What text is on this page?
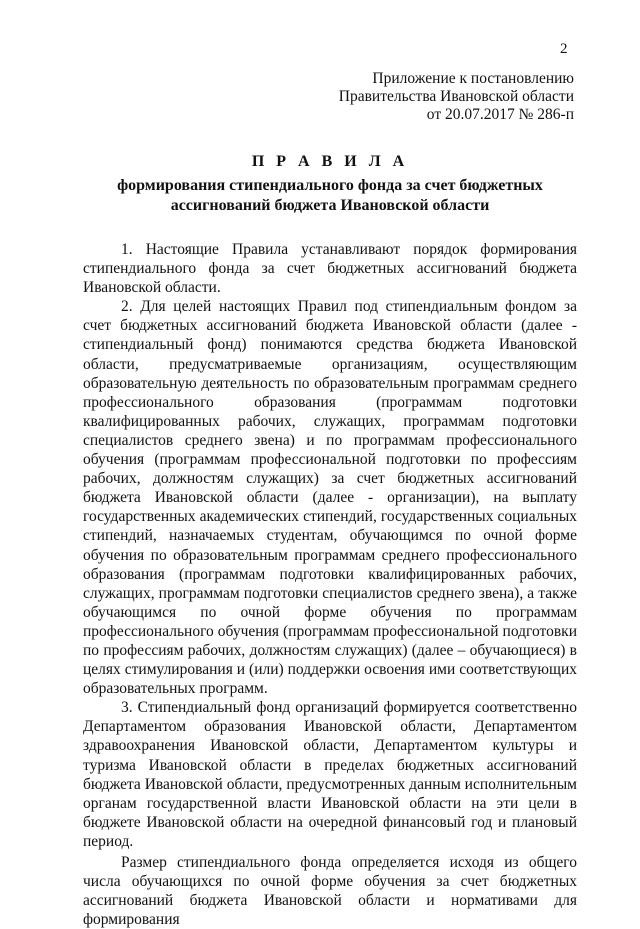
2
Приложение к постановлению
Правительства Ивановской области
от 20.07.2017 № 286-п
П Р А В И Л А
формирования стипендиального фонда за счет бюджетных
ассигнований бюджета Ивановской области

1. Настоящие Правила устанавливают порядок формирования стипендиального фонда за счет бюджетных ассигнований бюджета Ивановской области.

2. Для целей настоящих Правил под стипендиальным фондом за счет бюджетных ассигнований бюджета Ивановской области (далее - стипендиальный фонд) понимаются средства бюджета Ивановской области, предусматриваемые организациям, осуществляющим образовательную деятельность по образовательным программам среднего профессионального образования (программам подготовки квалифицированных рабочих, служащих, программам подготовки специалистов среднего звена) и по программам профессионального обучения (программам профессиональной подготовки по профессиям рабочих, должностям служащих) за счет бюджетных ассигнований бюджета Ивановской области (далее - организации), на выплату государственных академических стипендий, государственных социальных стипендий, назначаемых студентам, обучающимся по очной форме обучения по образовательным программам среднего профессионального образования (программам подготовки квалифицированных рабочих, служащих, программам подготовки специалистов среднего звена), а также обучающимся по очной форме обучения по программам профессионального обучения (программам профессиональной подготовки по профессиям рабочих, должностям служащих) (далее – обучающиеся) в целях стимулирования и (или) поддержки освоения ими соответствующих образовательных программ.

3. Стипендиальный фонд организаций формируется соответственно Департаментом образования Ивановской области, Департаментом здравоохранения Ивановской области, Департаментом культуры и туризма Ивановской области в пределах бюджетных ассигнований бюджета Ивановской области, предусмотренных данным исполнительным органам государственной власти Ивановской области на эти цели в бюджете Ивановской области на очередной финансовый год и плановый период.

Размер стипендиального фонда определяется исходя из общего числа обучающихся по очной форме обучения за счет бюджетных ассигнований бюджета Ивановской области и нормативами для формирования
